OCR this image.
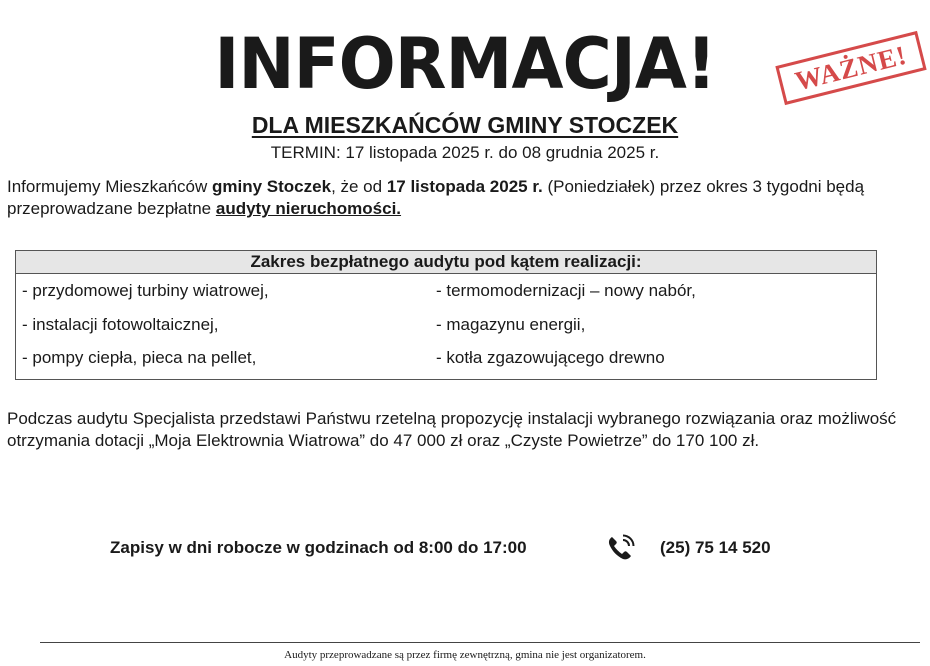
INFORMACJA!	WAŻNE!
DLA MIESZKAŃCÓW GMINY STOCZEK
TERMIN: 17 listopada 2025 r. do 08 grudnia 2025 r.
Informujemy Mieszkańców gminy Stoczek, że od 17 listopada 2025 r. (Poniedziałek) przez okres 3 tygodni będą przeprowadzane bezpłatne audyty nieruchomości.
Zakres bezpłatnego audytu pod kątem realizacji:
- przydomowej turbiny wiatrowej,
- instalacji fotowoltaicznej,
- pompy ciepła, pieca na pellet,
- termomodernizacji – nowy nabór,
- magazynu energii,
- kotła zgazowującego drewno
Podczas audytu Specjalista przedstawi Państwu rzetelną propozycję instalacji wybranego rozwiązania oraz możliwość otrzymania dotacji „Moja Elektrownia Wiatrowa” do 47 000 zł oraz „Czyste Powietrze” do 170 100 zł.
Zapisy w dni robocze w godzinach od 8:00 do 17:00	(25) 75 14 520
Audyty przeprowadzane są przez firmę zewnętrzną, gmina nie jest organizatorem.
